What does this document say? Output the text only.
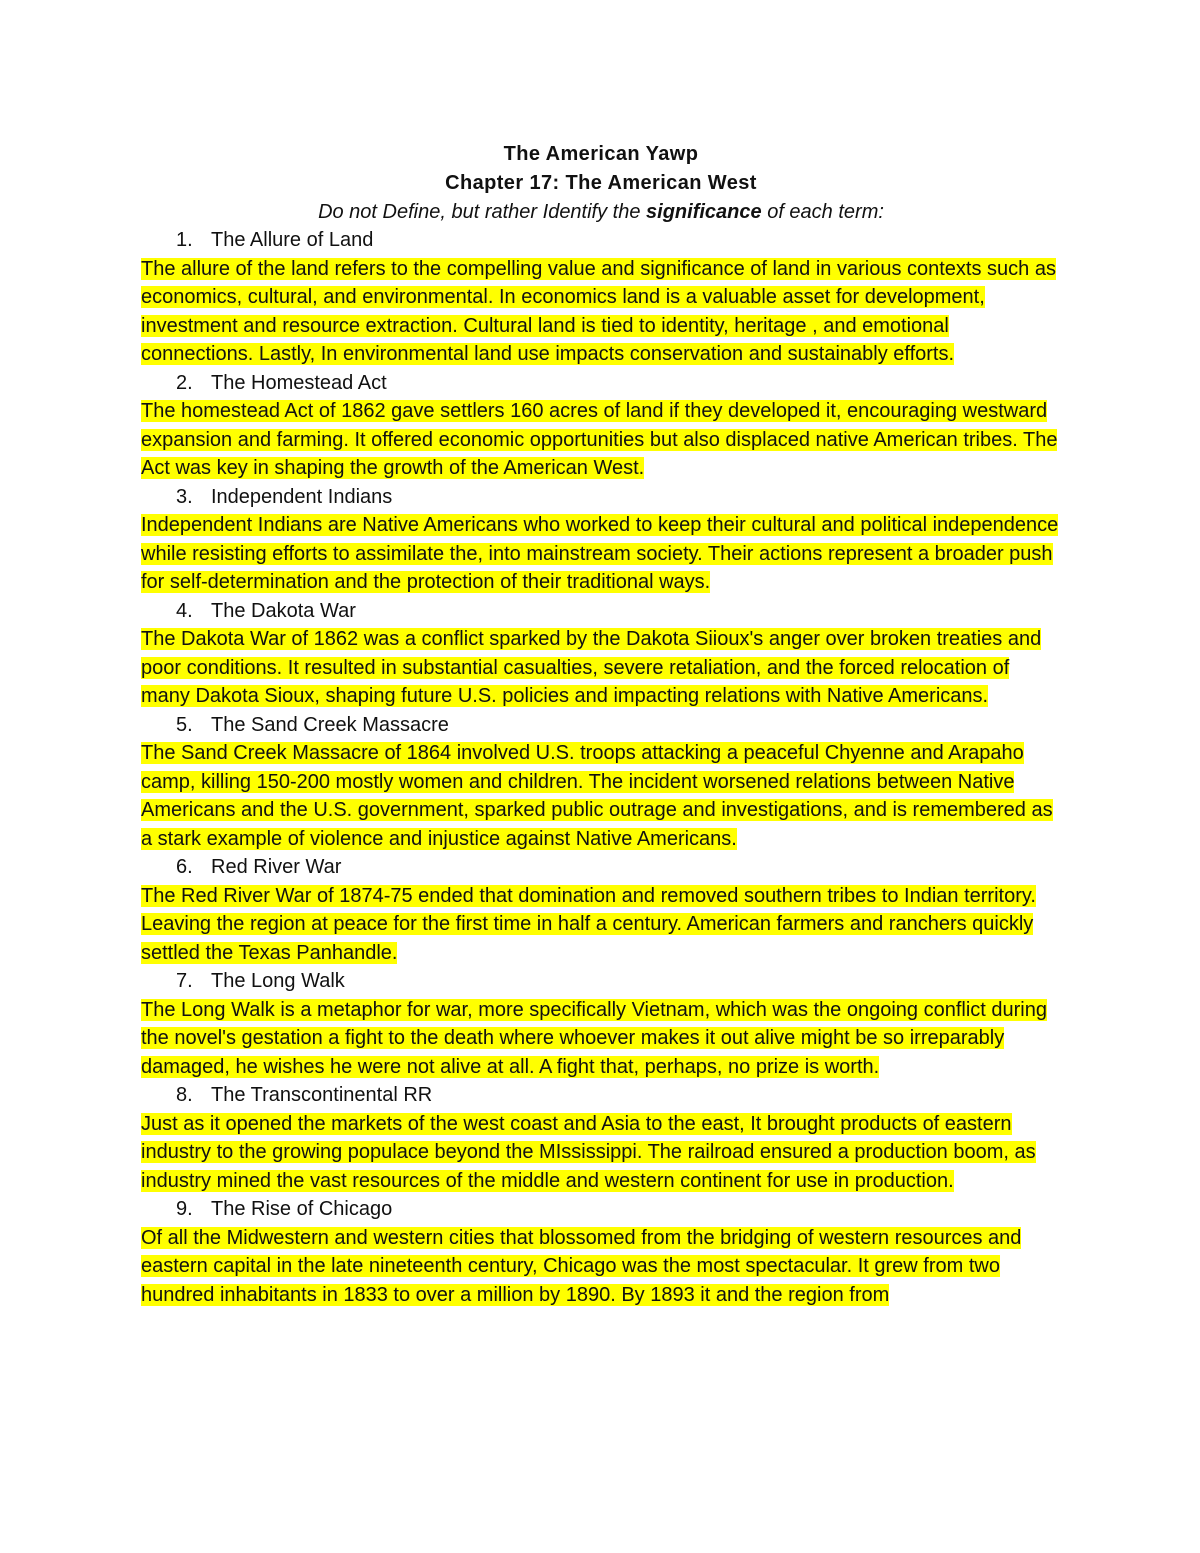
The American Yawp
Chapter 17: The American West
Do not Define, but rather Identify the significance of each term:
1. The Allure of Land
The allure of the land refers to the compelling value and significance of land in various contexts such as economics, cultural, and environmental. In economics land is a valuable asset for development, investment and resource extraction. Cultural land is tied to identity, heritage , and emotional connections. Lastly, In environmental land use impacts conservation and sustainably efforts.
2. The Homestead Act
The homestead Act of 1862 gave settlers 160 acres of land if they developed it, encouraging westward expansion and farming. It offered economic opportunities but also displaced native American tribes. The Act was key in shaping the growth of the American West.
3. Independent Indians
Independent Indians are Native Americans who worked to keep their cultural and political independence while resisting efforts to assimilate the, into mainstream society. Their actions represent a broader push for self-determination and the protection of their traditional ways.
4. The Dakota War
The Dakota War of 1862 was a conflict sparked by the Dakota Siioux's anger over broken treaties and poor conditions. It resulted in substantial casualties, severe retaliation, and the forced relocation of many Dakota Sioux, shaping future U.S. policies and impacting relations with Native Americans.
5. The Sand Creek Massacre
The Sand Creek Massacre of 1864 involved U.S. troops attacking a peaceful Chyenne and Arapaho camp, killing 150-200 mostly women and children. The incident worsened relations between Native Americans and the U.S. government, sparked public outrage and investigations, and is remembered as a stark example of violence and injustice against Native Americans.
6. Red River War
The Red River War of 1874-75 ended that domination and removed southern tribes to Indian territory. Leaving the region at peace for the first time in half a century. American farmers and ranchers quickly settled the Texas Panhandle.
7. The Long Walk
The Long Walk is a metaphor for war, more specifically Vietnam, which was the ongoing conflict during the novel's gestation a fight to the death where whoever makes it out alive might be so irreparably damaged, he wishes he were not alive at all. A fight that, perhaps, no prize is worth.
8. The Transcontinental RR
Just as it opened the markets of the west coast and Asia to the east, It brought products of eastern industry to the growing populace beyond the MIssissippi. The railroad ensured a production boom, as industry mined the vast resources of the middle and western continent for use in production.
9. The Rise of Chicago
Of all the Midwestern and western cities that blossomed from the bridging of western resources and eastern capital in the late nineteenth century, Chicago was the most spectacular. It grew from two hundred inhabitants in 1833 to over a million by 1890. By 1893 it and the region from
